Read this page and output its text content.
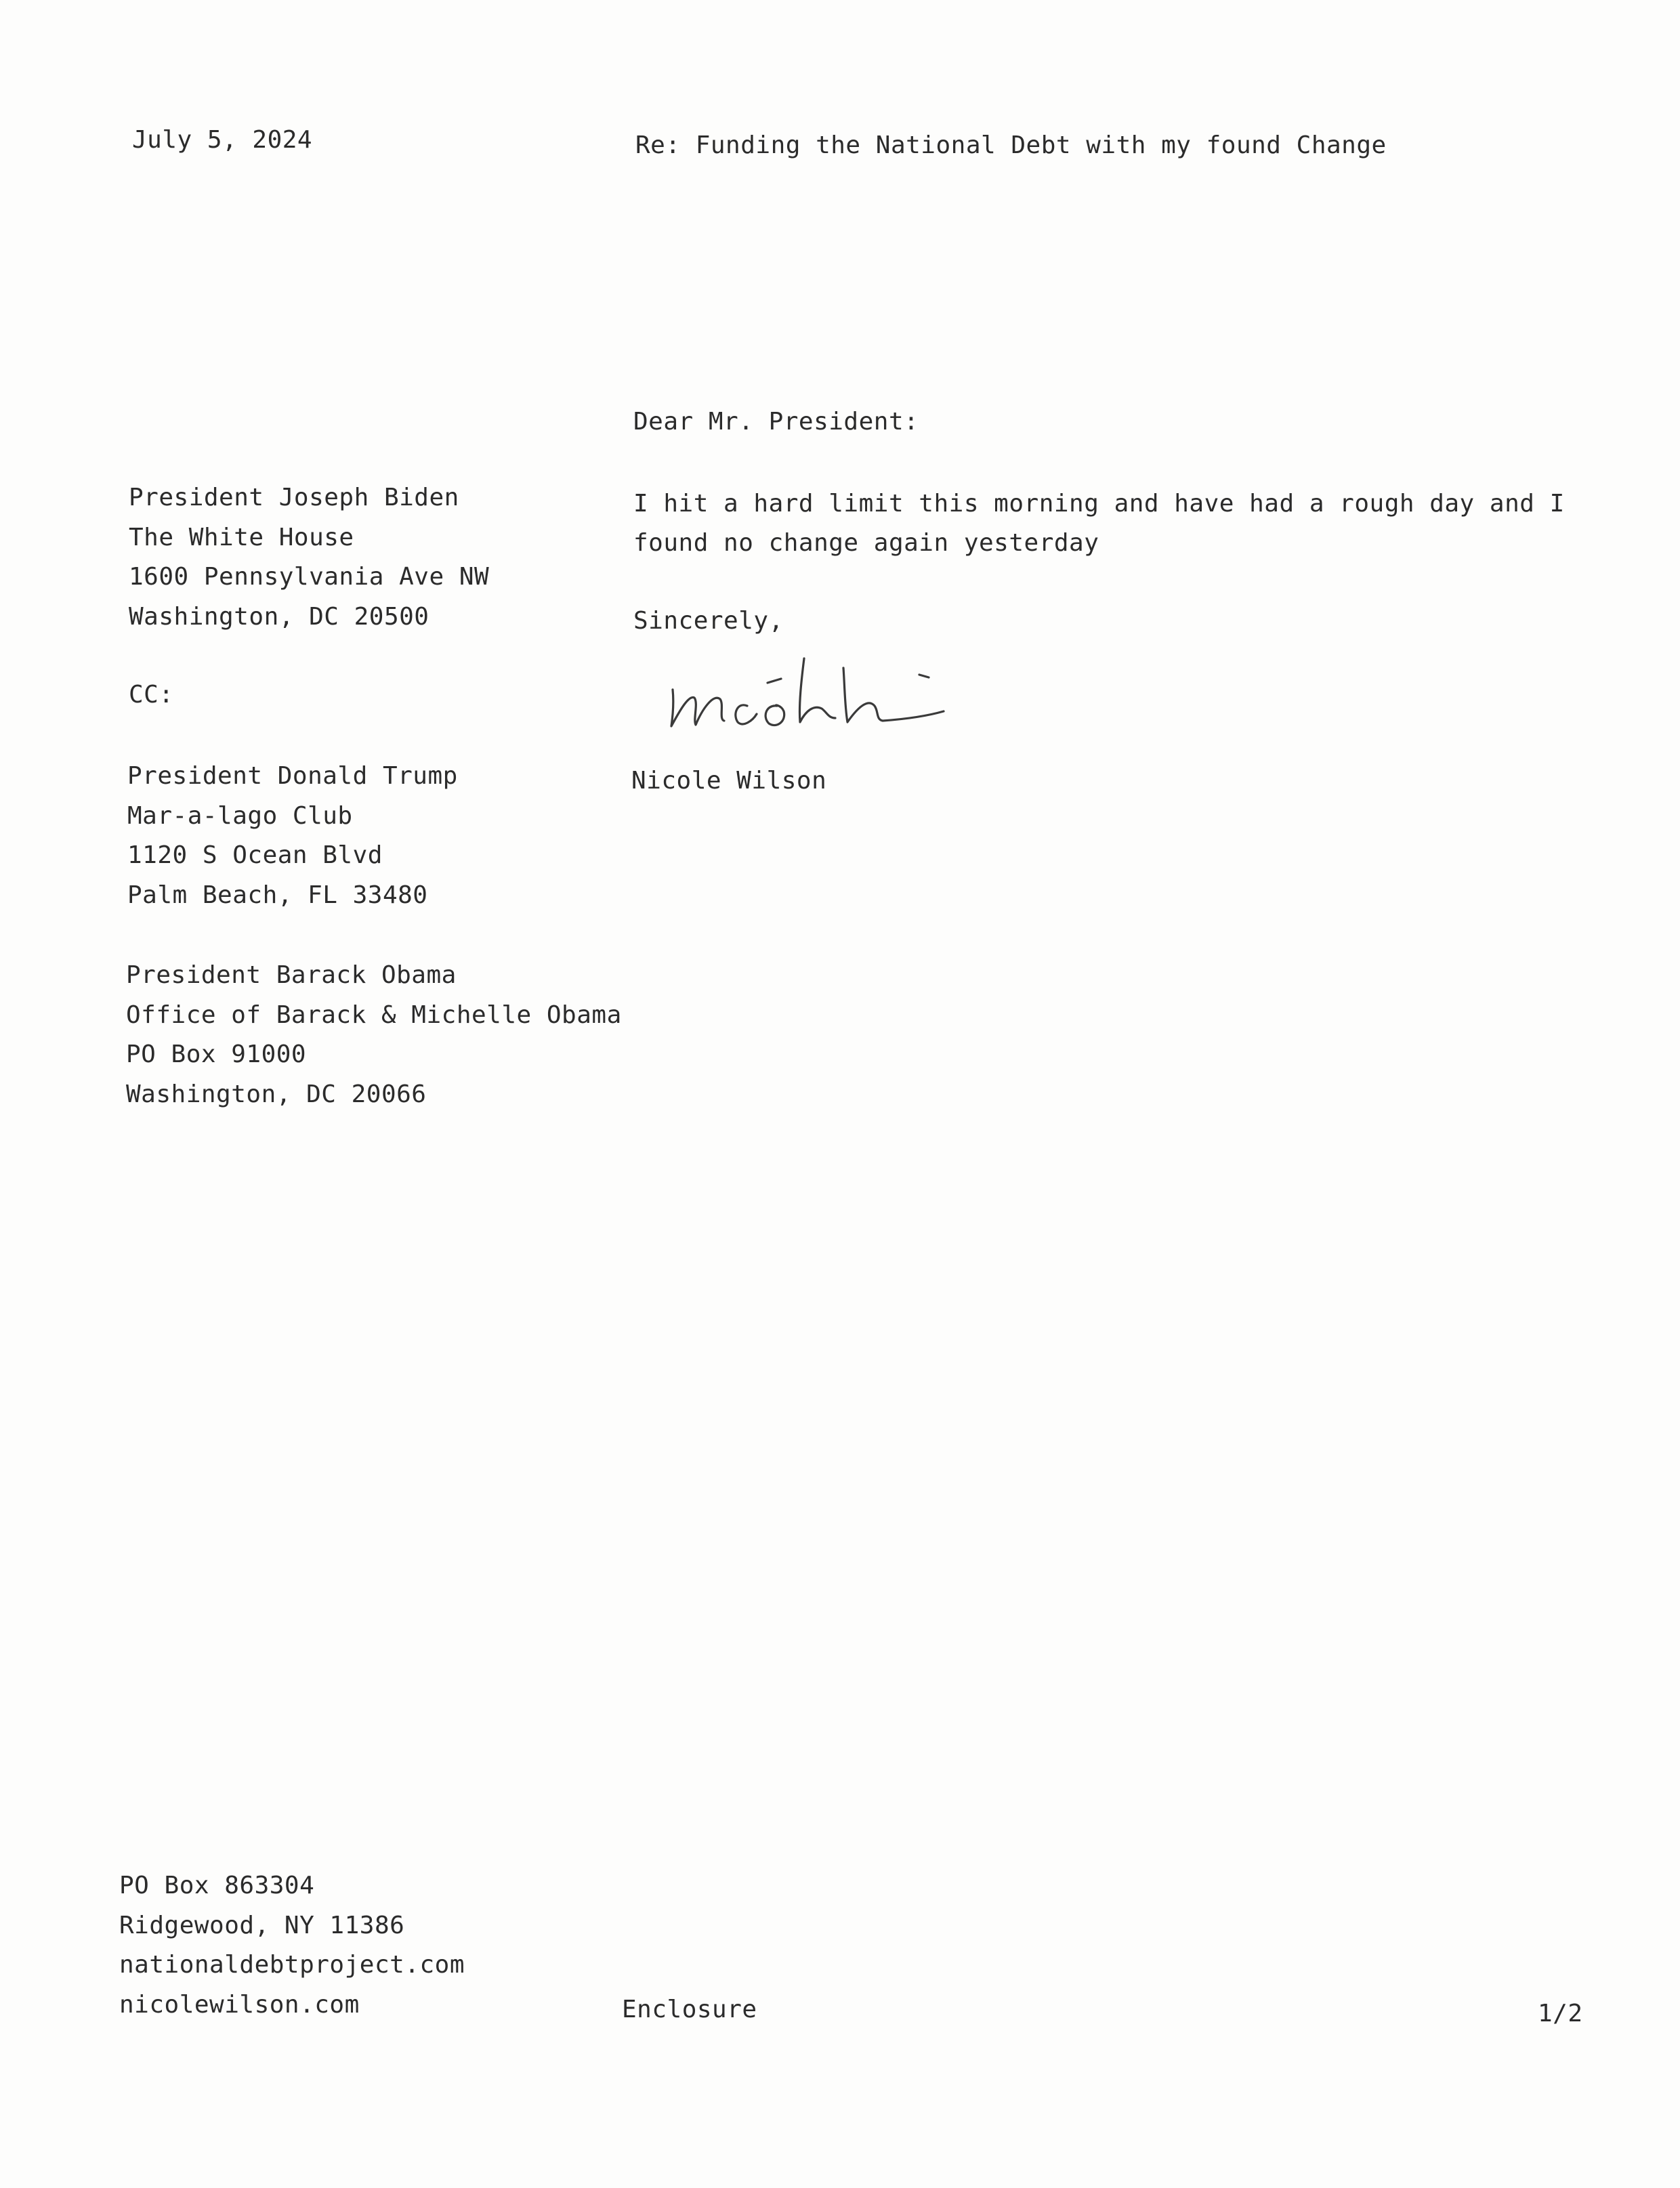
July 5, 2024	Re: Funding the National Debt with my found Change
Dear Mr. President:
President Joseph Biden
The White House
1600 Pennsylvania Ave NW
Washington, DC 20500
I hit a hard limit this morning and have had a rough day and I found no change again yesterday
Sincerely,
Nicole Wilson
CC:
President Donald Trump
Mar-a-lago Club
1120 S Ocean Blvd
Palm Beach, FL 33480
President Barack Obama
Office of Barack & Michelle Obama
PO Box 91000
Washington, DC 20066
PO Box 863304
Ridgewood, NY 11386
nationaldebtproject.com
nicolewilson.com	Enclosure	1/2
